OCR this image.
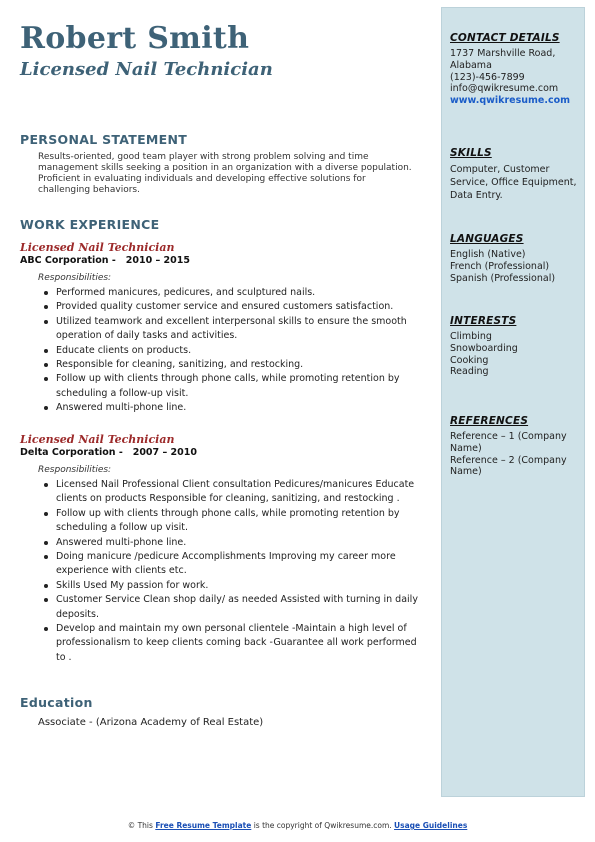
Robert Smith
Licensed Nail Technician
PERSONAL STATEMENT

Results-oriented, good team player with strong problem solving and time management skills seeking a position in an organization with a diverse population. Proficient in evaluating individuals and developing effective solutions for challenging behaviors.

WORK EXPERIENCE

Licensed Nail Technician

ABC Corporation -   2010 – 2015

Responsibilities:

Performed manicures, pedicures, and sculptured nails.
Provided quality customer service and ensured customers satisfaction.
Utilized teamwork and excellent interpersonal skills to ensure the smooth operation of daily tasks and activities.
Educate clients on products.
Responsible for cleaning, sanitizing, and restocking.
Follow up with clients through phone calls, while promoting retention by scheduling a follow-up visit.
Answered multi-phone line.

Licensed Nail Technician

Delta Corporation -   2007 – 2010

Responsibilities:

Licensed Nail Professional Client consultation Pedicures/manicures Educate clients on products Responsible for cleaning, sanitizing, and restocking .
Follow up with clients through phone calls, while promoting retention by scheduling a follow up visit.
Answered multi-phone line.
Doing manicure /pedicure Accomplishments Improving my career more experience with clients etc.
Skills Used My passion for work.
Customer Service Clean shop daily/ as needed Assisted with turning in daily deposits.
Develop and maintain my own personal clientele -Maintain a high level of professionalism to keep clients coming back -Guarantee all work performed to .
Education

Associate - (Arizona Academy of Real Estate)

CONTACT DETAILS

1737 Marshville Road, Alabama

(123)-456-7899

info@qwikresume.com

www.qwikresume.com

SKILLS

Computer, Customer Service, Office Equipment, Data Entry.

LANGUAGES

English (Native)

French (Professional)

Spanish (Professional)

INTERESTS

Climbing

Snowboarding

Cooking

Reading

REFERENCES

Reference – 1 (Company Name)

Reference – 2 (Company Name)

© This Free Resume Template is the copyright of Qwikresume.com. Usage Guidelines
